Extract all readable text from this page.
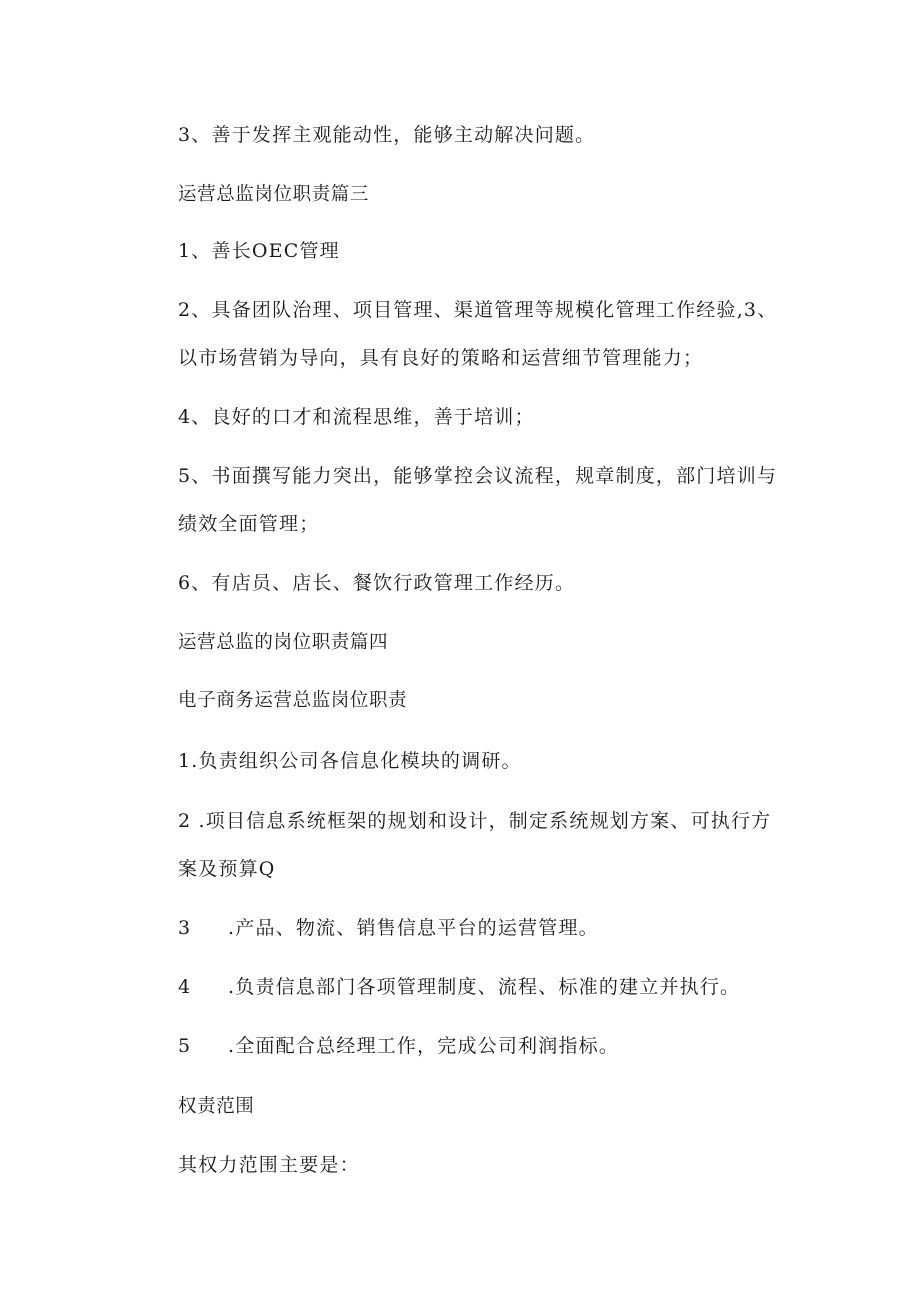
3、善于发挥主观能动性，能够主动解决问题。
运营总监岗位职责篇三
1、善长OEC管理
2、具备团队治理、项目管理、渠道管理等规模化管理工作经验,3、
以市场营销为导向，具有良好的策略和运营细节管理能力；
4、良好的口才和流程思维，善于培训；
5、书面撰写能力突出，能够掌控会议流程，规章制度，部门培训与
绩效全面管理；
6、有店员、店长、餐饮行政管理工作经历。
运营总监的岗位职责篇四
电子商务运营总监岗位职责
1.负责组织公司各信息化模块的调研。
2 .项目信息系统框架的规划和设计，制定系统规划方案、可执行方
案及预算Q
3 .产品、物流、销售信息平台的运营管理。
4 .负责信息部门各项管理制度、流程、标准的建立并执行。
5 .全面配合总经理工作，完成公司利润指标。
权责范围
其权力范围主要是：
